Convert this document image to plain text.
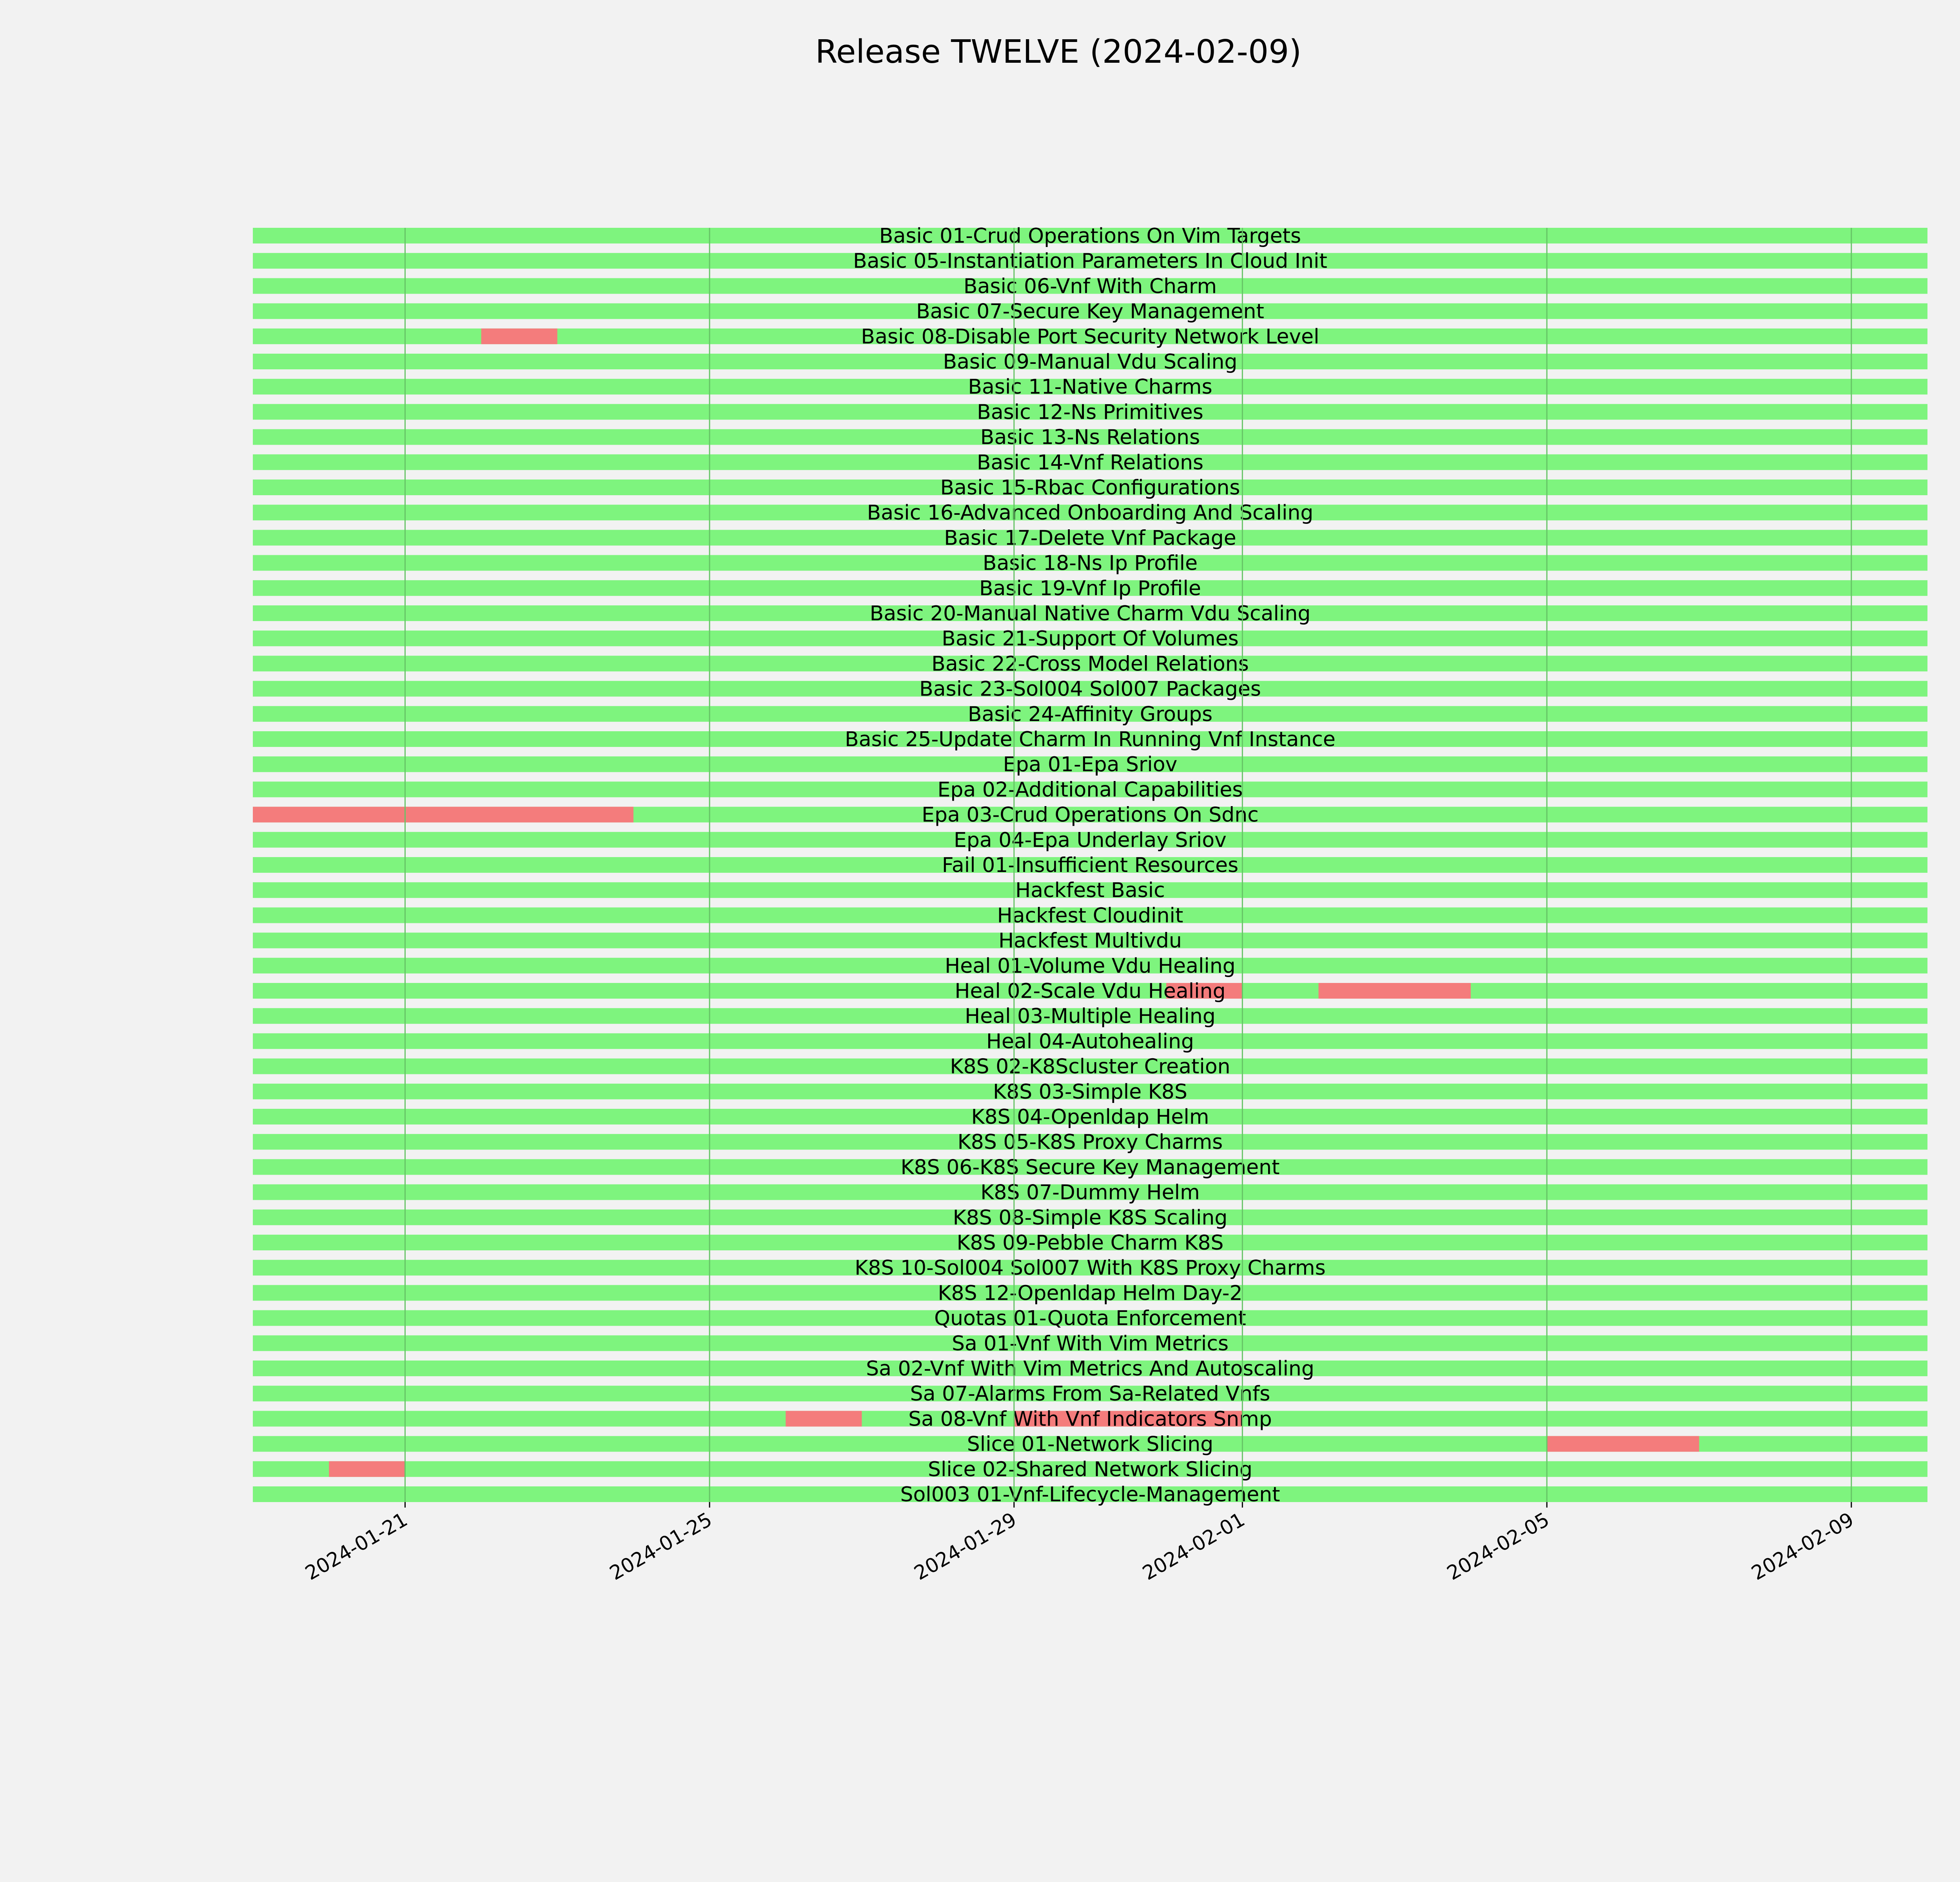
Release TWELVE (2024-02-09)
Basic 01-Crud Operations On Vim Targets
Basic 05-Instantiation Parameters In Cloud Init
Basic 06-Vnf With Charm
Basic 07-Secure Key Management
Basic 08-Disable Port Security Network Level
Basic 09-Manual Vdu Scaling
Basic 11-Native Charms
Basic 12-Ns Primitives
Basic 13-Ns Relations
Basic 14-Vnf Relations
Basic 15-Rbac Configurations
Basic 16-Advanced Onboarding And Scaling
Basic 17-Delete Vnf Package
Basic 18-Ns Ip Profile
Basic 19-Vnf Ip Profile
Basic 20-Manual Native Charm Vdu Scaling
Basic 21-Support Of Volumes
Basic 22-Cross Model Relations
Basic 23-Sol004 Sol007 Packages
Basic 24-Affinity Groups
Basic 25-Update Charm In Running Vnf Instance
Epa 01-Epa Sriov
Epa 02-Additional Capabilities
Epa 03-Crud Operations On Sdnc
Epa 04-Epa Underlay Sriov
Fail 01-Insufficient Resources
Hackfest Basic
Hackfest Cloudinit
Hackfest Multivdu
Heal 01-Volume Vdu Healing
Heal 02-Scale Vdu Healing
Heal 03-Multiple Healing
Heal 04-Autohealing
K8S 02-K8Scluster Creation
K8S 03-Simple K8S
K8S 04-Openldap Helm
K8S 05-K8S Proxy Charms
K8S 06-K8S Secure Key Management
K8S 07-Dummy Helm
K8S 08-Simple K8S Scaling
K8S 09-Pebble Charm K8S
K8S 10-Sol004 Sol007 With K8S Proxy Charms
K8S 12-Openldap Helm Day-2
Quotas 01-Quota Enforcement
Sa 01-Vnf With Vim Metrics
Sa 02-Vnf With Vim Metrics And Autoscaling
Sa 07-Alarms From Sa-Related Vnfs
Sa 08-Vnf With Vnf Indicators Snmp
Slice 01-Network Slicing
Slice 02-Shared Network Slicing
Sol003 01-Vnf-Lifecycle-Management
2024-01-21	2024-01-25	2024-01-29	2024-02-01	2024-02-05	2024-02-09
